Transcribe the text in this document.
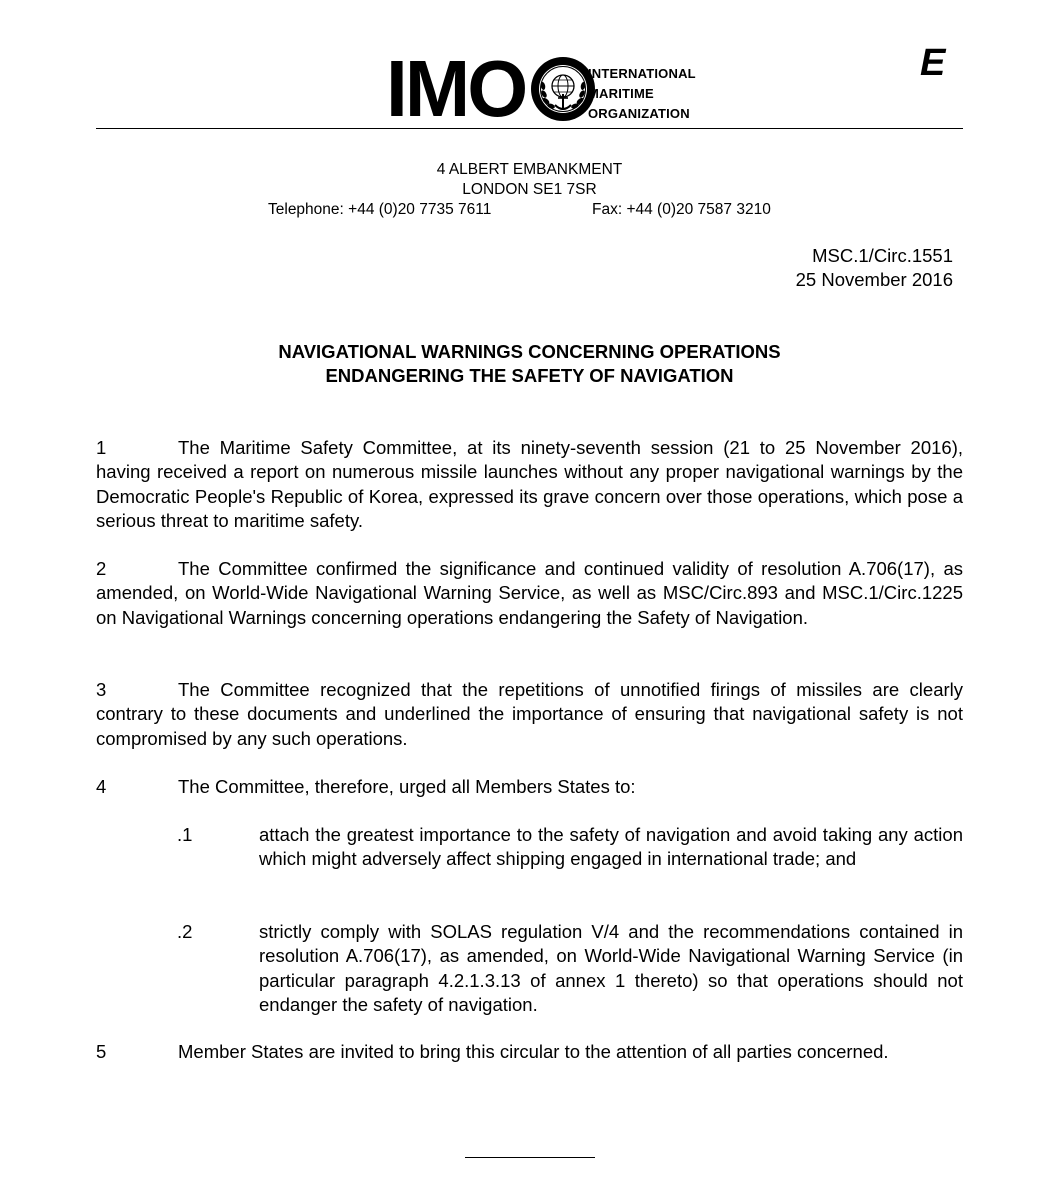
IMO	INTERNATIONAL
MARITIME
ORGANIZATION
E
4 ALBERT EMBANKMENT
LONDON SE1 7SR
Telephone: +44 (0)20 7735 7611	Fax: +44 (0)20 7587 3210
MSC.1/Circ.1551
25 November 2016
NAVIGATIONAL WARNINGS CONCERNING OPERATIONS
ENDANGERING THE SAFETY OF NAVIGATION
1	The Maritime Safety Committee, at its ninety-seventh session (21 to 25 November 2016), having received a report on numerous missile launches without any proper navigational warnings by the Democratic People's Republic of Korea, expressed its grave concern over those operations, which pose a serious threat to maritime safety.
2	The Committee confirmed the significance and continued validity of resolution A.706(17), as amended, on World-Wide Navigational Warning Service, as well as MSC/Circ.893 and MSC.1/Circ.1225 on Navigational Warnings concerning operations endangering the Safety of Navigation.
3	The Committee recognized that the repetitions of unnotified firings of missiles are clearly contrary to these documents and underlined the importance of ensuring that navigational safety is not compromised by any such operations.
4	The Committee, therefore, urged all Members States to:
.1	attach the greatest importance to the safety of navigation and avoid taking any action which might adversely affect shipping engaged in international trade; and
.2	strictly comply with SOLAS regulation V/4 and the recommendations contained in resolution A.706(17), as amended, on World-Wide Navigational Warning Service (in particular paragraph 4.2.1.3.13 of annex 1 thereto) so that operations should not endanger the safety of navigation.
5	Member States are invited to bring this circular to the attention of all parties concerned.
